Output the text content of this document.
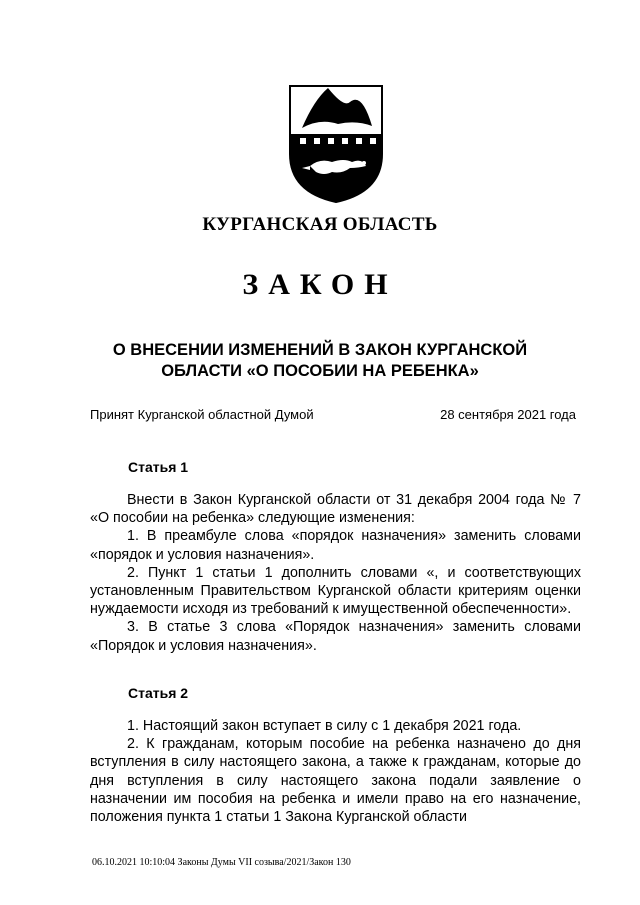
КУРГАНСКАЯ ОБЛАСТЬ
ЗАКОН
О ВНЕСЕНИИ ИЗМЕНЕНИЙ В ЗАКОН КУРГАНСКОЙ
ОБЛАСТИ «О ПОСОБИИ НА РЕБЕНКА»
Принят Курганской областной Думой	28 сентября 2021 года
Статья 1

Внести в Закон Курганской области от 31 декабря 2004 года № 7 «О пособии на ребенка» следующие изменения:

1. В преамбуле слова «порядок назначения» заменить словами «порядок и условия назначения».

2. Пункт 1 статьи 1 дополнить словами «, и соответствующих установленным Правительством Курганской области критериям оценки нуждаемости исходя из требований к имущественной обеспеченности».

3. В статье 3 слова «Порядок назначения» заменить словами «Порядок и условия назначения».

Статья 2

1. Настоящий закон вступает в силу с 1 декабря 2021 года.

2. К гражданам, которым пособие на ребенка назначено до дня вступления в силу настоящего закона, а также к гражданам, которые до дня вступления в силу настоящего закона подали заявление о назначении им пособия на ребенка и имели право на его назначение, положения пункта 1 статьи 1 Закона Курганской области

06.10.2021 10:10:04 Законы Думы VII созыва/2021/Закон 130
